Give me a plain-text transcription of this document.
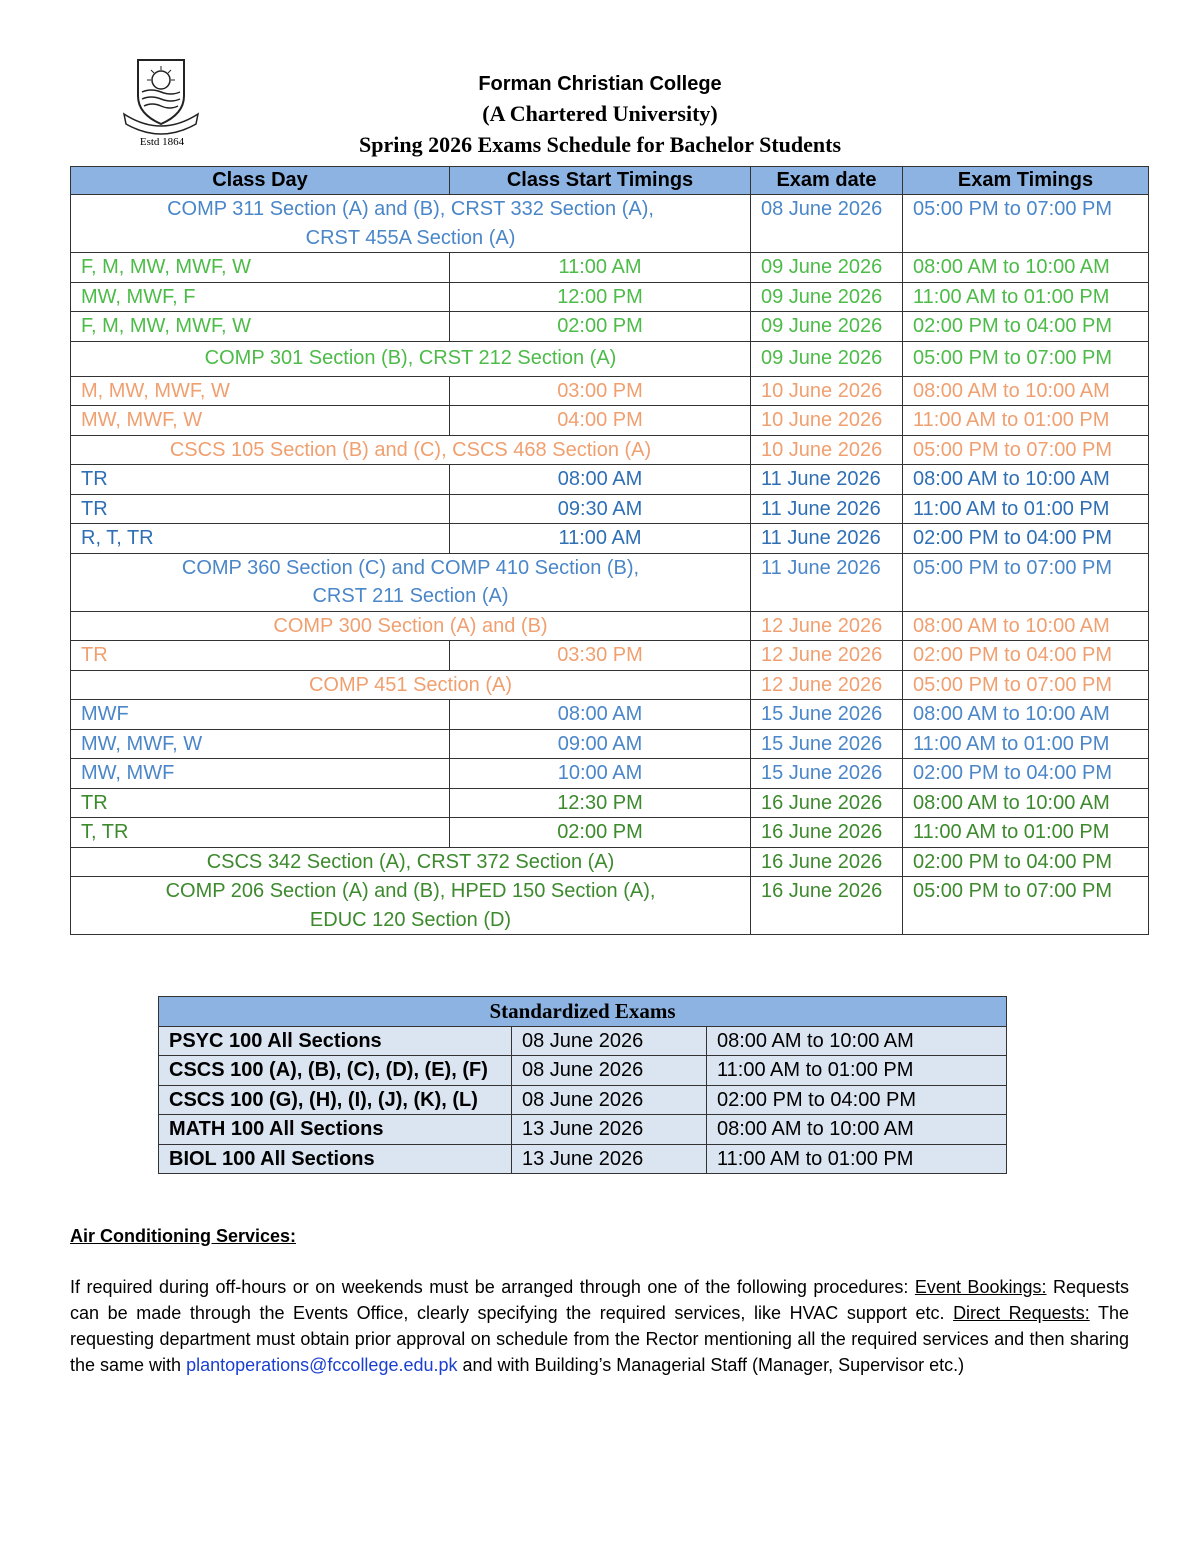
Estd 1864
Forman Christian College
(A Chartered University)
Spring 2026 Exams Schedule for Bachelor Students
Class Day	Class Start Timings	Exam date	Exam Timings
COMP 311 Section (A) and (B), CRST 332 Section (A),
CRST 455A Section (A)		08 June 2026	05:00 PM to 07:00 PM
F, M, MW, MWF, W	11:00 AM	09 June 2026	08:00 AM to 10:00 AM
MW, MWF, F	12:00 PM	09 June 2026	11:00 AM to 01:00 PM
F, M, MW, MWF, W	02:00 PM	09 June 2026	02:00 PM to 04:00 PM
COMP 301 Section (B), CRST 212 Section (A)		09 June 2026	05:00 PM to 07:00 PM
M, MW, MWF, W	03:00 PM	10 June 2026	08:00 AM to 10:00 AM
MW, MWF, W	04:00 PM	10 June 2026	11:00 AM to 01:00 PM
CSCS 105 Section (B) and (C), CSCS 468 Section (A)		10 June 2026	05:00 PM to 07:00 PM
TR	08:00 AM	11 June 2026	08:00 AM to 10:00 AM
TR	09:30 AM	11 June 2026	11:00 AM to 01:00 PM
R, T, TR	11:00 AM	11 June 2026	02:00 PM to 04:00 PM
COMP 360 Section (C) and COMP 410 Section (B),
CRST 211 Section (A)		11 June 2026	05:00 PM to 07:00 PM
COMP 300 Section (A) and (B)		12 June 2026	08:00 AM to 10:00 AM
TR	03:30 PM	12 June 2026	02:00 PM to 04:00 PM
COMP 451 Section (A)		12 June 2026	05:00 PM to 07:00 PM
MWF	08:00 AM	15 June 2026	08:00 AM to 10:00 AM
MW, MWF, W	09:00 AM	15 June 2026	11:00 AM to 01:00 PM
MW, MWF	10:00 AM	15 June 2026	02:00 PM to 04:00 PM
TR	12:30 PM	16 June 2026	08:00 AM to 10:00 AM
T, TR	02:00 PM	16 June 2026	11:00 AM to 01:00 PM
CSCS 342 Section (A), CRST 372 Section (A)		16 June 2026	02:00 PM to 04:00 PM
COMP 206 Section (A) and (B), HPED 150 Section (A),
EDUC 120 Section (D)		16 June 2026	05:00 PM to 07:00 PM
Standardized Exams		
PSYC 100 All Sections	08 June 2026	08:00 AM to 10:00 AM
CSCS 100 (A), (B), (C), (D), (E), (F)	08 June 2026	11:00 AM to 01:00 PM
CSCS 100 (G), (H), (I), (J), (K), (L)	08 June 2026	02:00 PM to 04:00 PM
MATH 100 All Sections	13 June 2026	08:00 AM to 10:00 AM
BIOL 100 All Sections	13 June 2026	11:00 AM to 01:00 PM
Air Conditioning Services:
If required during off-hours or on weekends must be arranged through one of the following procedures: Event Bookings: Requests can be made through the Events Office, clearly specifying the required services, like HVAC support etc. Direct Requests: The requesting department must obtain prior approval on schedule from the Rector mentioning all the required services and then sharing the same with plantoperations@fccollege.edu.pk and with Building’s Managerial Staff (Manager, Supervisor etc.)
